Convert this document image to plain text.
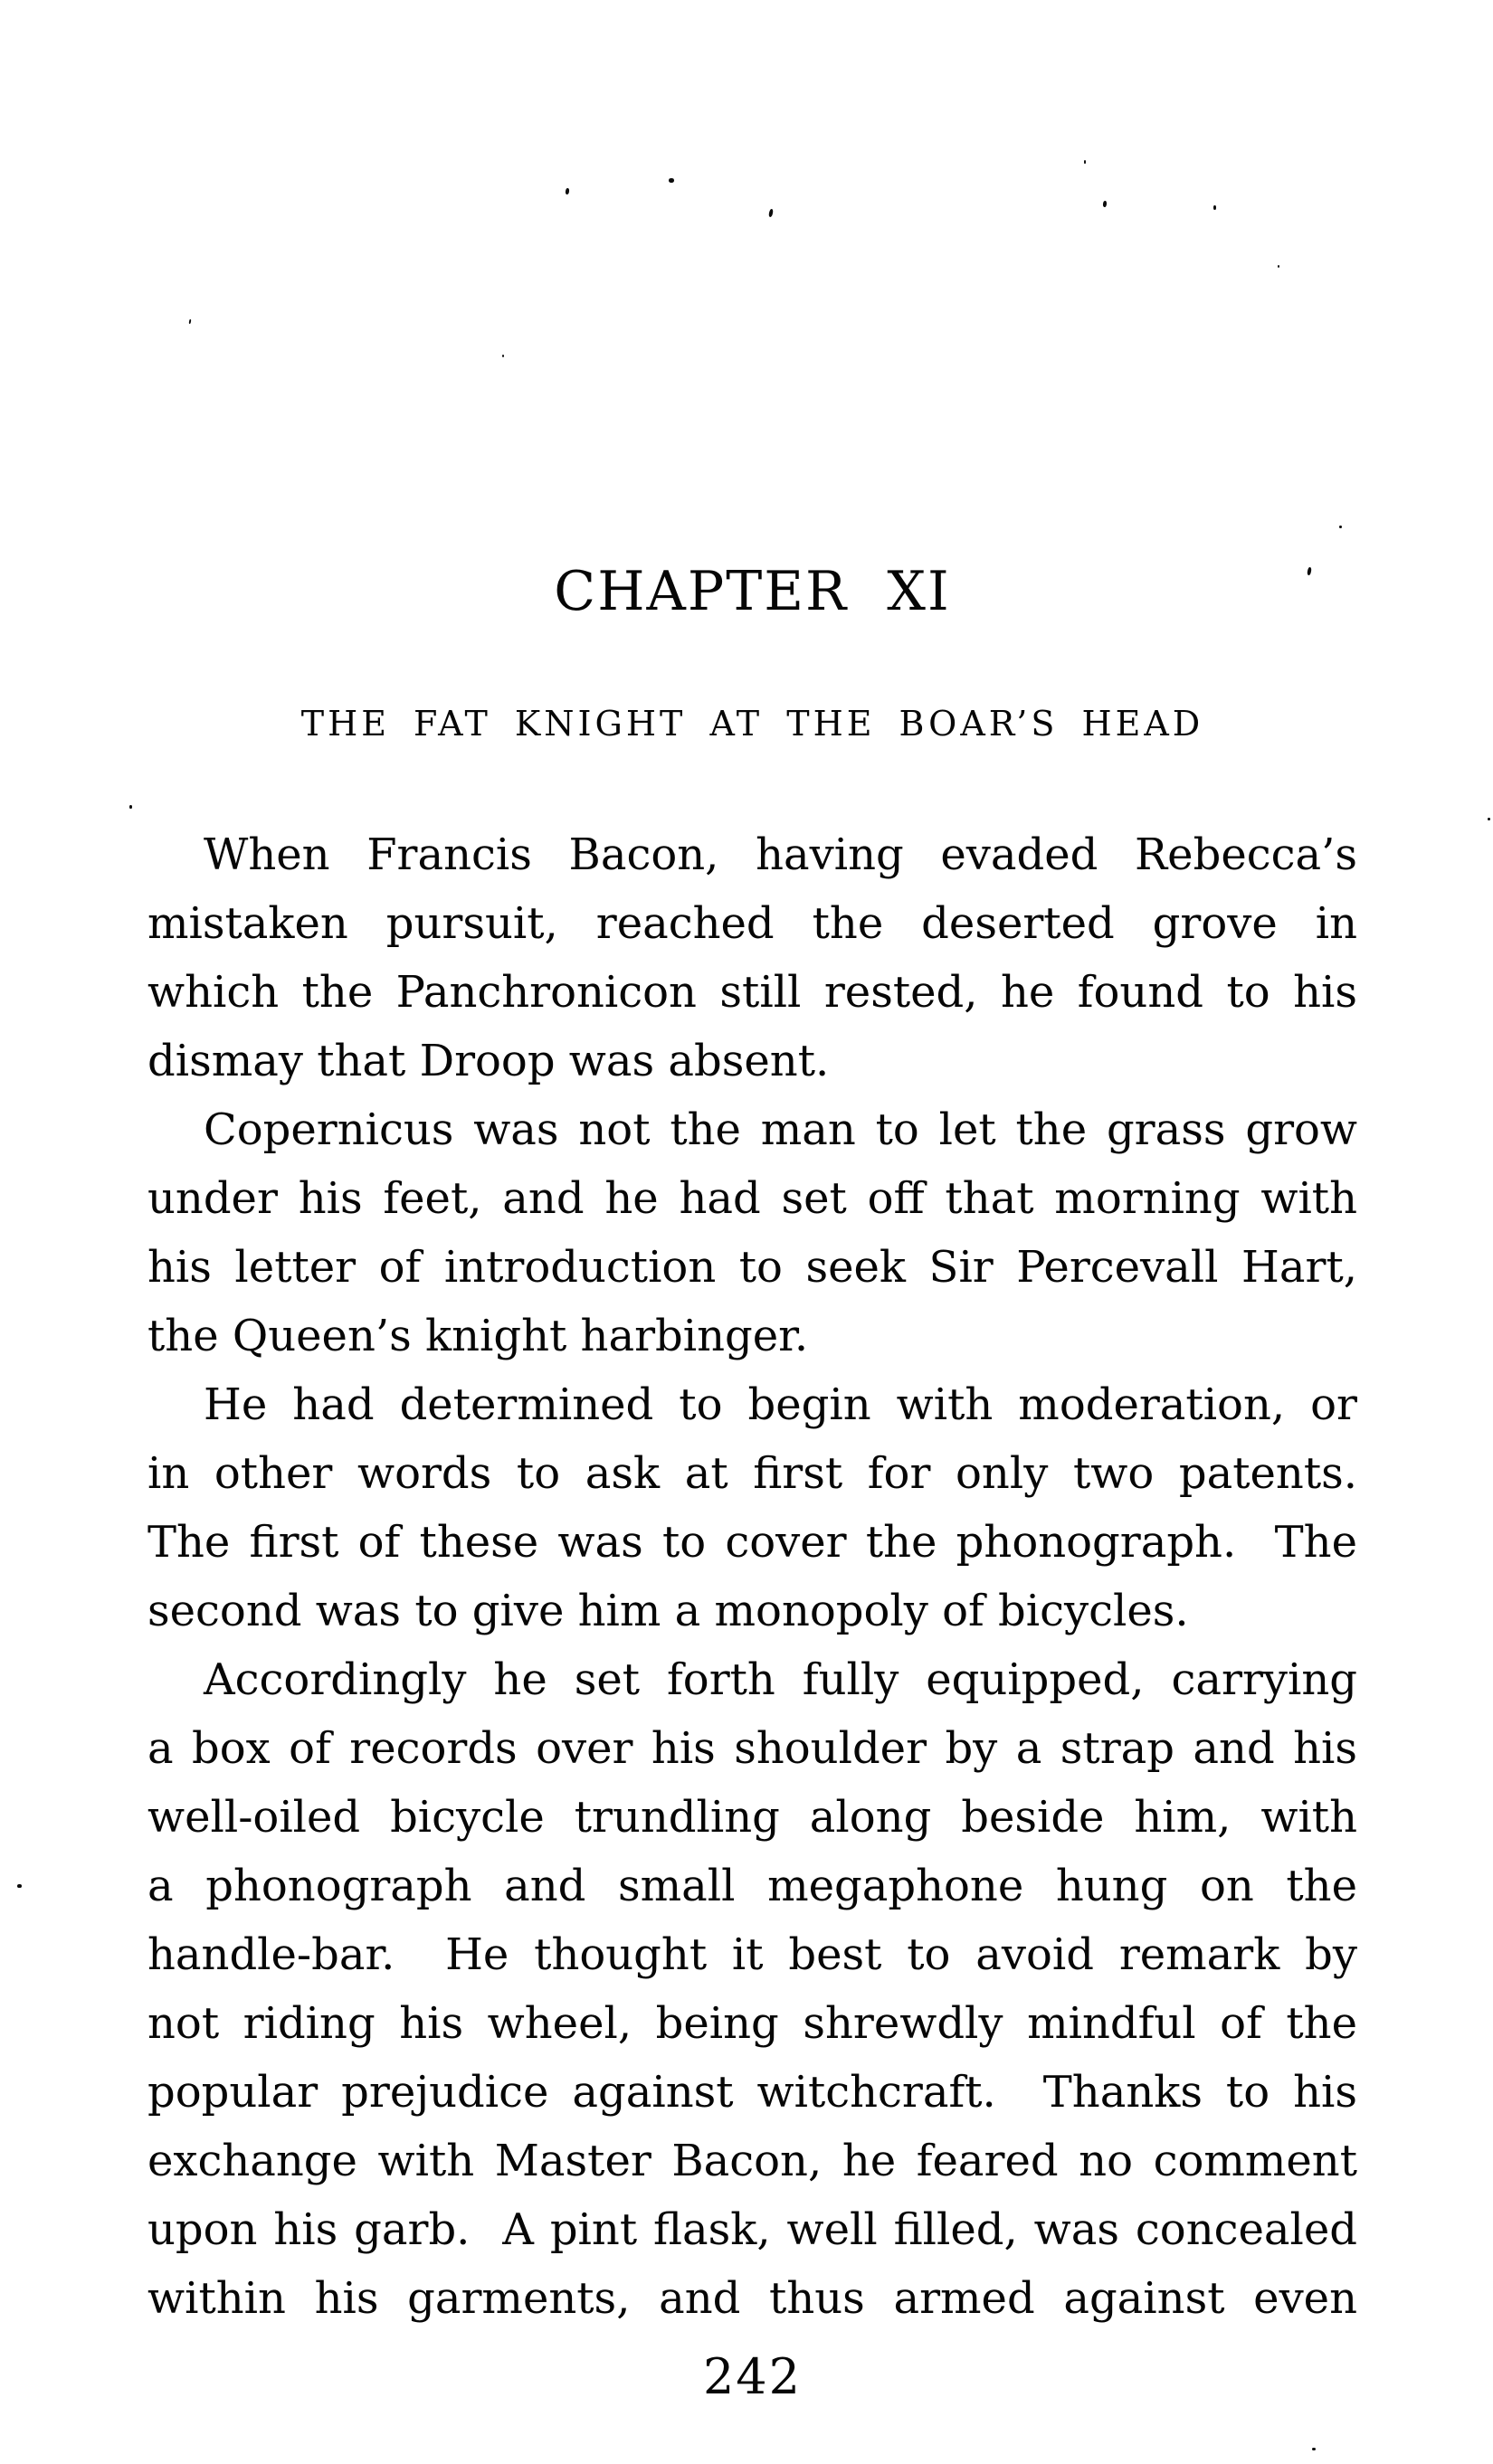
CHAPTER XI
THE FAT KNIGHT AT THE BOAR’S HEAD
When Francis Bacon, having evaded Rebecca’s
mistaken pursuit, reached the deserted grove in
which the Panchronicon still rested, he found to his
dismay that Droop was absent.
Copernicus was not the man to let the grass grow
under his feet, and he had set off that morning with
his letter of introduction to seek Sir Percevall Hart,
the Queen’s knight harbinger.
He had determined to begin with moderation, or
in other words to ask at first for only two patents.
The first of these was to cover the phonograph.  The
second was to give him a monopoly of bicycles.
Accordingly he set forth fully equipped, carrying
a box of records over his shoulder by a strap and his
well-oiled bicycle trundling along beside him, with
a phonograph and small megaphone hung on the
handle-bar.  He thought it best to avoid remark by
not riding his wheel, being shrewdly mindful of the
popular prejudice against witchcraft.  Thanks to his
exchange with Master Bacon, he feared no comment
upon his garb.  A pint flask, well filled, was concealed
within his garments, and thus armed against even
242
